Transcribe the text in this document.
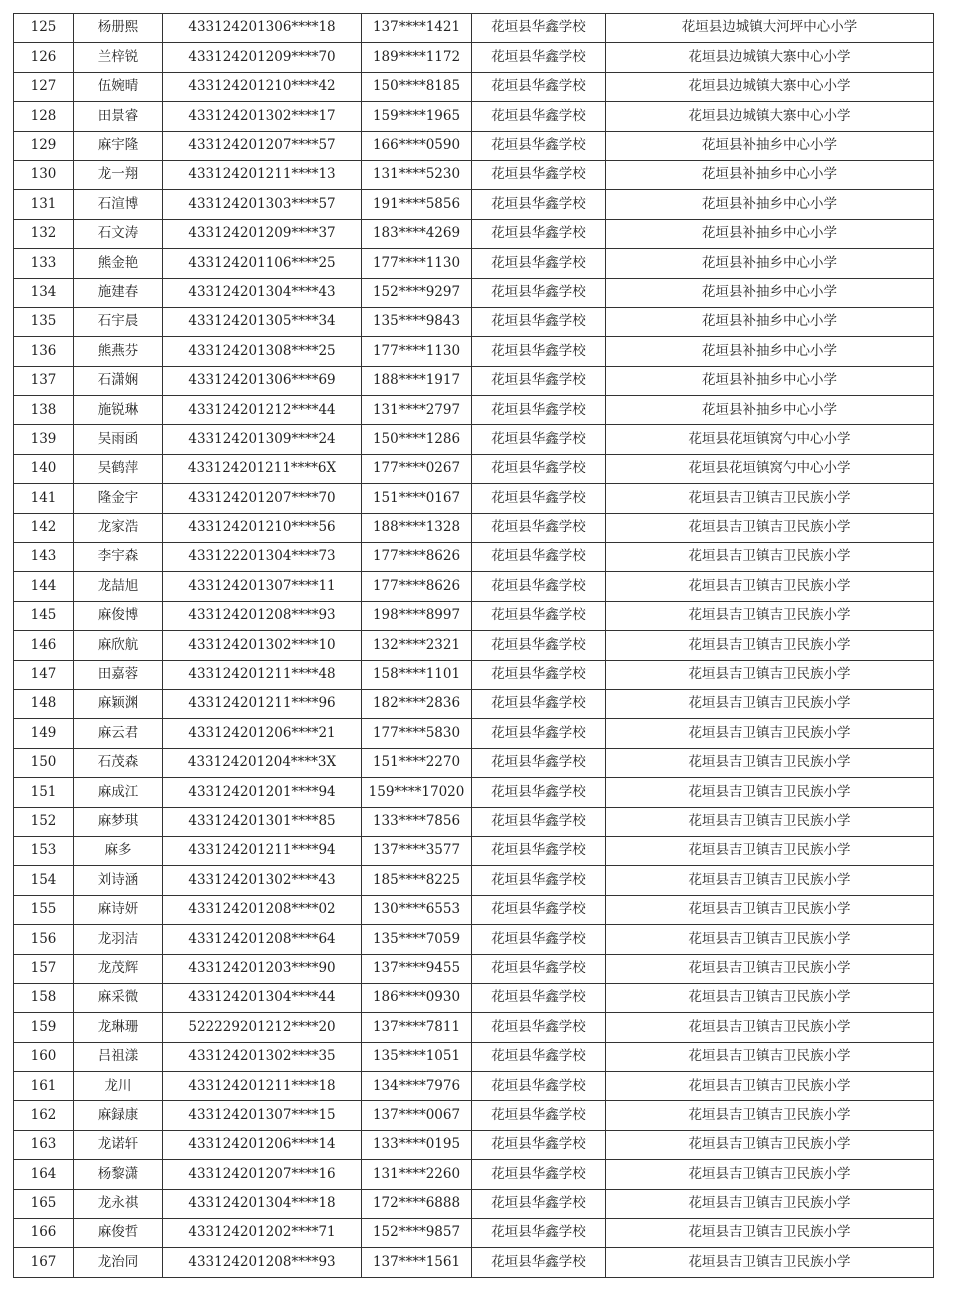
125	杨册熙	433124201306****18	137****1421	花垣县华鑫学校	花垣县边城镇大河坪中心小学
126	兰梓锐	433124201209****70	189****1172	花垣县华鑫学校	花垣县边城镇大寨中心小学
127	伍婉晴	433124201210****42	150****8185	花垣县华鑫学校	花垣县边城镇大寨中心小学
128	田景睿	433124201302****17	159****1965	花垣县华鑫学校	花垣县边城镇大寨中心小学
129	麻宇隆	433124201207****57	166****0590	花垣县华鑫学校	花垣县补抽乡中心小学
130	龙一翔	433124201211****13	131****5230	花垣县华鑫学校	花垣县补抽乡中心小学
131	石渲博	433124201303****57	191****5856	花垣县华鑫学校	花垣县补抽乡中心小学
132	石文涛	433124201209****37	183****4269	花垣县华鑫学校	花垣县补抽乡中心小学
133	熊金艳	433124201106****25	177****1130	花垣县华鑫学校	花垣县补抽乡中心小学
134	施建春	433124201304****43	152****9297	花垣县华鑫学校	花垣县补抽乡中心小学
135	石宇晨	433124201305****34	135****9843	花垣县华鑫学校	花垣县补抽乡中心小学
136	熊燕芬	433124201308****25	177****1130	花垣县华鑫学校	花垣县补抽乡中心小学
137	石潇娴	433124201306****69	188****1917	花垣县华鑫学校	花垣县补抽乡中心小学
138	施锐琳	433124201212****44	131****2797	花垣县华鑫学校	花垣县补抽乡中心小学
139	吴雨函	433124201309****24	150****1286	花垣县华鑫学校	花垣县花垣镇窝勺中心小学
140	吴鹤萍	433124201211****6X	177****0267	花垣县华鑫学校	花垣县花垣镇窝勺中心小学
141	隆金宇	433124201207****70	151****0167	花垣县华鑫学校	花垣县吉卫镇吉卫民族小学
142	龙家浩	433124201210****56	188****1328	花垣县华鑫学校	花垣县吉卫镇吉卫民族小学
143	李宇森	433122201304****73	177****8626	花垣县华鑫学校	花垣县吉卫镇吉卫民族小学
144	龙喆旭	433124201307****11	177****8626	花垣县华鑫学校	花垣县吉卫镇吉卫民族小学
145	麻俊博	433124201208****93	198****8997	花垣县华鑫学校	花垣县吉卫镇吉卫民族小学
146	麻欣航	433124201302****10	132****2321	花垣县华鑫学校	花垣县吉卫镇吉卫民族小学
147	田嘉蓉	433124201211****48	158****1101	花垣县华鑫学校	花垣县吉卫镇吉卫民族小学
148	麻颖渊	433124201211****96	182****2836	花垣县华鑫学校	花垣县吉卫镇吉卫民族小学
149	麻云君	433124201206****21	177****5830	花垣县华鑫学校	花垣县吉卫镇吉卫民族小学
150	石茂森	433124201204****3X	151****2270	花垣县华鑫学校	花垣县吉卫镇吉卫民族小学
151	麻成江	433124201201****94	159****17020	花垣县华鑫学校	花垣县吉卫镇吉卫民族小学
152	麻梦琪	433124201301****85	133****7856	花垣县华鑫学校	花垣县吉卫镇吉卫民族小学
153	麻多	433124201211****94	137****3577	花垣县华鑫学校	花垣县吉卫镇吉卫民族小学
154	刘诗涵	433124201302****43	185****8225	花垣县华鑫学校	花垣县吉卫镇吉卫民族小学
155	麻诗妍	433124201208****02	130****6553	花垣县华鑫学校	花垣县吉卫镇吉卫民族小学
156	龙羽洁	433124201208****64	135****7059	花垣县华鑫学校	花垣县吉卫镇吉卫民族小学
157	龙茂辉	433124201203****90	137****9455	花垣县华鑫学校	花垣县吉卫镇吉卫民族小学
158	麻采微	433124201304****44	186****0930	花垣县华鑫学校	花垣县吉卫镇吉卫民族小学
159	龙琳珊	522229201212****20	137****7811	花垣县华鑫学校	花垣县吉卫镇吉卫民族小学
160	吕祖漾	433124201302****35	135****1051	花垣县华鑫学校	花垣县吉卫镇吉卫民族小学
161	龙川	433124201211****18	134****7976	花垣县华鑫学校	花垣县吉卫镇吉卫民族小学
162	麻録康	433124201307****15	137****0067	花垣县华鑫学校	花垣县吉卫镇吉卫民族小学
163	龙诺轩	433124201206****14	133****0195	花垣县华鑫学校	花垣县吉卫镇吉卫民族小学
164	杨黎潇	433124201207****16	131****2260	花垣县华鑫学校	花垣县吉卫镇吉卫民族小学
165	龙永祺	433124201304****18	172****6888	花垣县华鑫学校	花垣县吉卫镇吉卫民族小学
166	麻俊哲	433124201202****71	152****9857	花垣县华鑫学校	花垣县吉卫镇吉卫民族小学
167	龙治同	433124201208****93	137****1561	花垣县华鑫学校	花垣县吉卫镇吉卫民族小学
